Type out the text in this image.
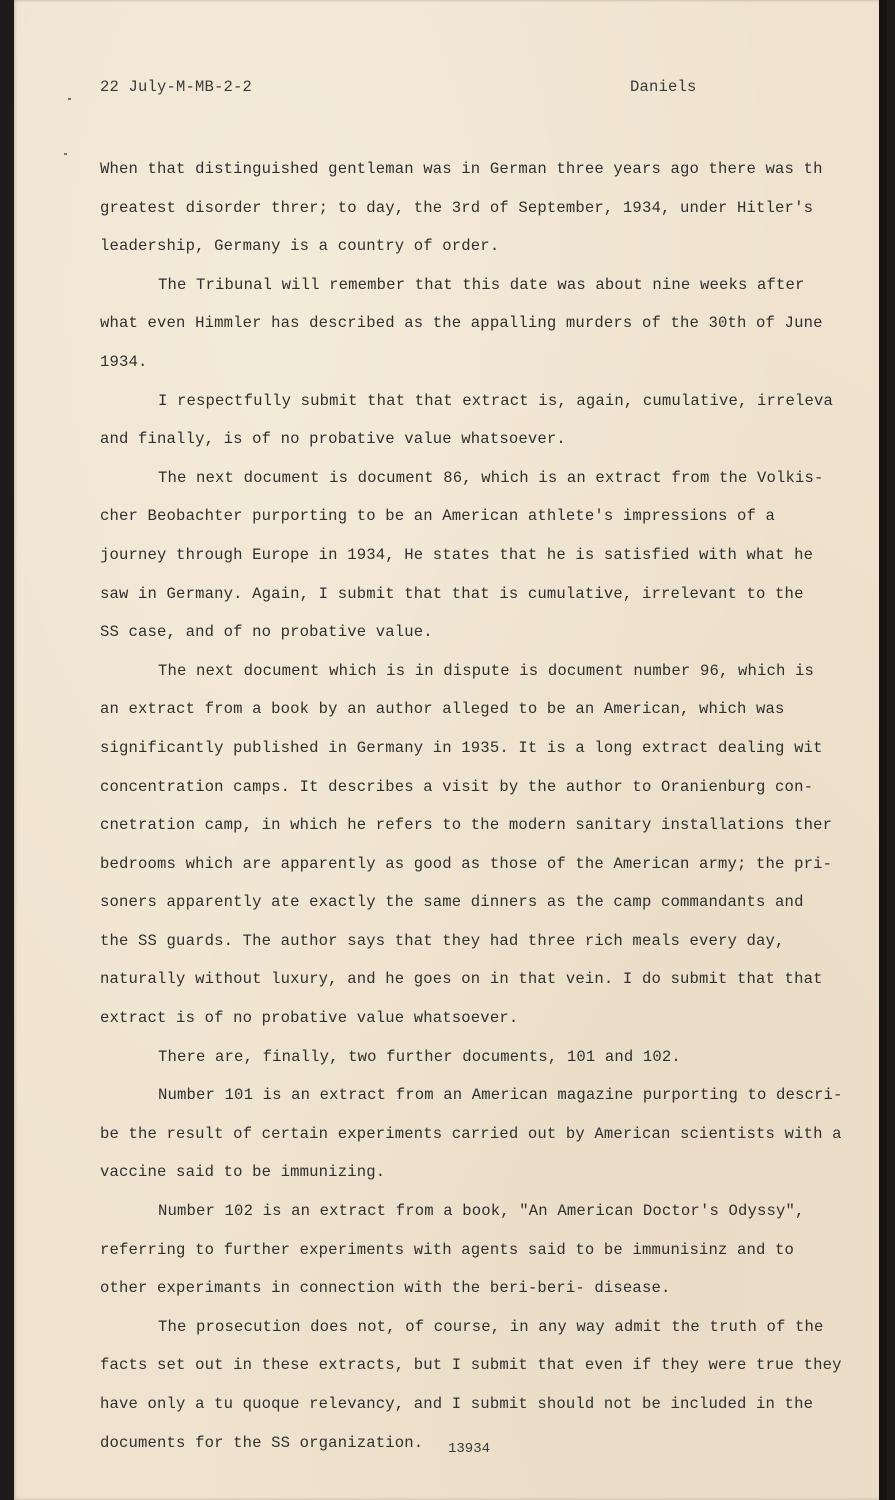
22 July-M-MB-2-2	Daniels

When that distinguished gentleman was in German three years ago there was th

greatest disorder threr; to day, the 3rd of September, 1934, under Hitler's

leadership, Germany is a country of order.

The Tribunal will remember that this date was about nine weeks after

what even Himmler has described as the appalling murders of the 30th of June

1934.

I respectfully submit that that extract is, again, cumulative, irreleva

and finally, is of no probative value whatsoever.

The next document is document 86, which is an extract from the Volkis-

cher Beobachter purporting to be an American athlete's impressions of a

journey through Europe in 1934, He states that he is satisfied with what he

saw in Germany. Again, I submit that that is cumulative, irrelevant to the

SS case, and of no probative value.

The next document which is in dispute is document number 96, which is

an extract from a book by an author alleged to be an American, which was

significantly published in Germany in 1935. It is a long extract dealing wit

concentration camps. It describes a visit by the author to Oranienburg con-

cnetration camp, in which he refers to the modern sanitary installations ther

bedrooms which are apparently as good as those of the American army; the pri-

soners apparently ate exactly the same dinners as the camp commandants and

the SS guards. The author says that they had three rich meals every day,

naturally without luxury, and he goes on in that vein. I do submit that that

extract is of no probative value whatsoever.

There are, finally, two further documents, 101 and 102.

Number 101 is an extract from an American magazine purporting to descri-

be the result of certain experiments carried out by American scientists with a

vaccine said to be immunizing.

Number 102 is an extract from a book, "An American Doctor's Odyssy",

referring to further experiments with agents said to be immunisinz and to

other experimants in connection with the beri-beri- disease.

The prosecution does not, of course, in any way admit the truth of the

facts set out in these extracts, but I submit that even if they were true they

have only a tu quoque relevancy, and I submit should not be included in the

documents for the SS organization.	13934
